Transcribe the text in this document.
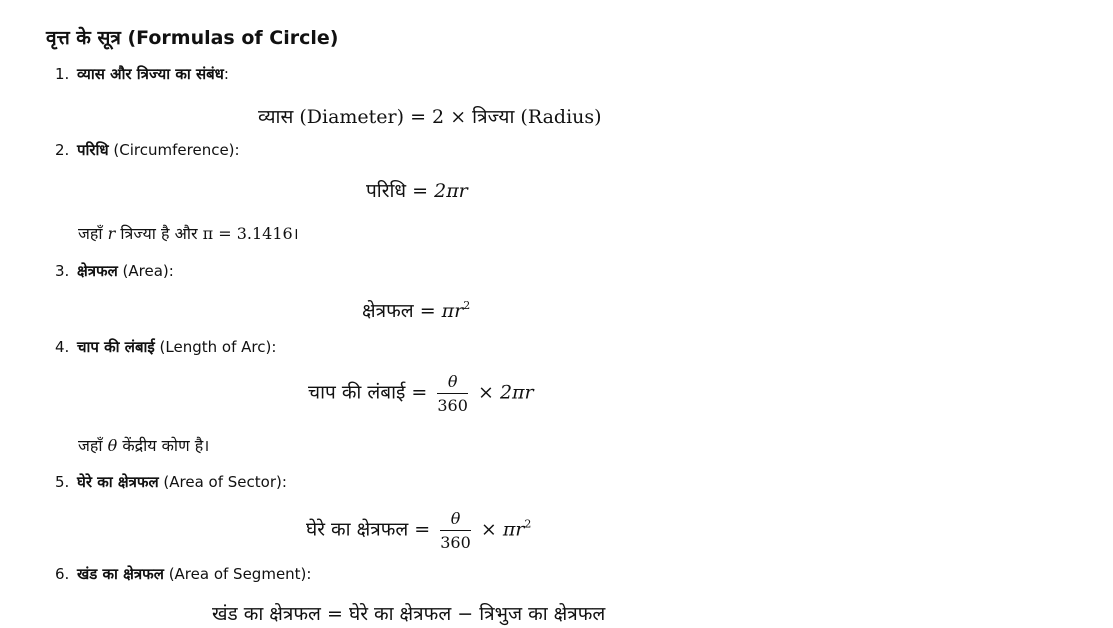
वृत्त के सूत्र (Formulas of Circle)
1. व्यास और त्रिज्या का संबंध:
व्यास (Diameter) = 2 × त्रिज्या (Radius)
2. परिधि (Circumference):
परिधि = 2πr
जहाँ r त्रिज्या है और π = 3.1416।
3. क्षेत्रफल (Area):
क्षेत्रफल = $\pi r^2$
4. चाप की लंबाई (Length of Arc):
चाप की लंबाई = $\frac{\theta}{360} \times 2\pi r$
जहाँ θ केंद्रीय कोण है।
5. घेरे का क्षेत्रफल (Area of Sector):
घेरे का क्षेत्रफल = $\frac{\theta}{360} \times \pi r^2$
6. खंड का क्षेत्रफल (Area of Segment):
खंड का क्षेत्रफल = घेरे का क्षेत्रफल − त्रिभुज का क्षेत्रफल
